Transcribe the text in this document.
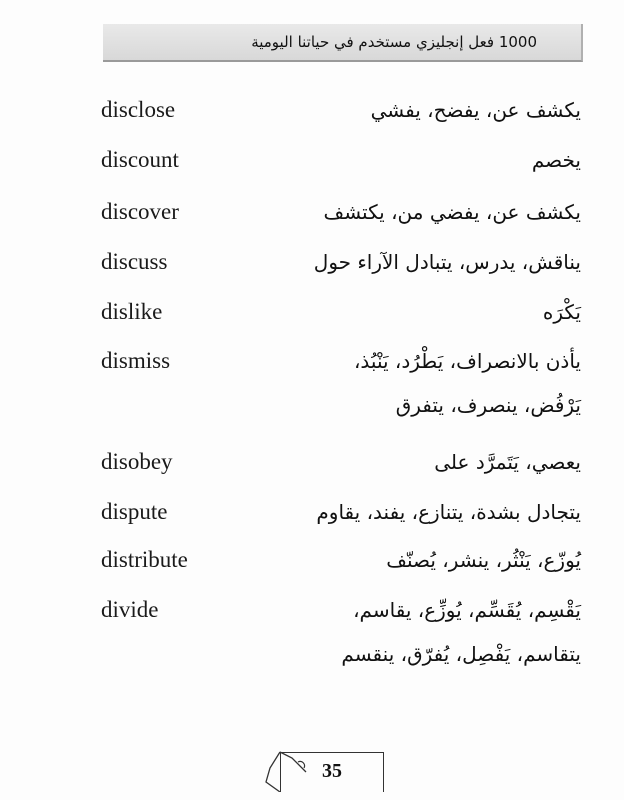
1000 فعل إنجليزي مستخدم في حياتنا اليومية
disclose	يكشف عن، يفضح، يفشي
discount	يخصم
discover	يكشف عن، يفضي من، يكتشف
discuss	يناقش، يدرس، يتبادل الآراء حول
dislike	يَكْرَه
dismiss	يأذن بالانصراف، يَطْرُد، يَنْبُذ،
يَرْفُض، ينصرف، يتفرق
disobey	يعصي، يَتَمرَّد على
dispute	يتجادل بشدة، يتنازع، يفند، يقاوم
distribute	يُوزّع، يَنْثُر، ينشر، يُصنّف
divide	يَقْسِم، يُقَسِّم، يُوزِّع، يقاسم،
يتقاسم، يَفْصِل، يُفرّق، ينقسم
35
